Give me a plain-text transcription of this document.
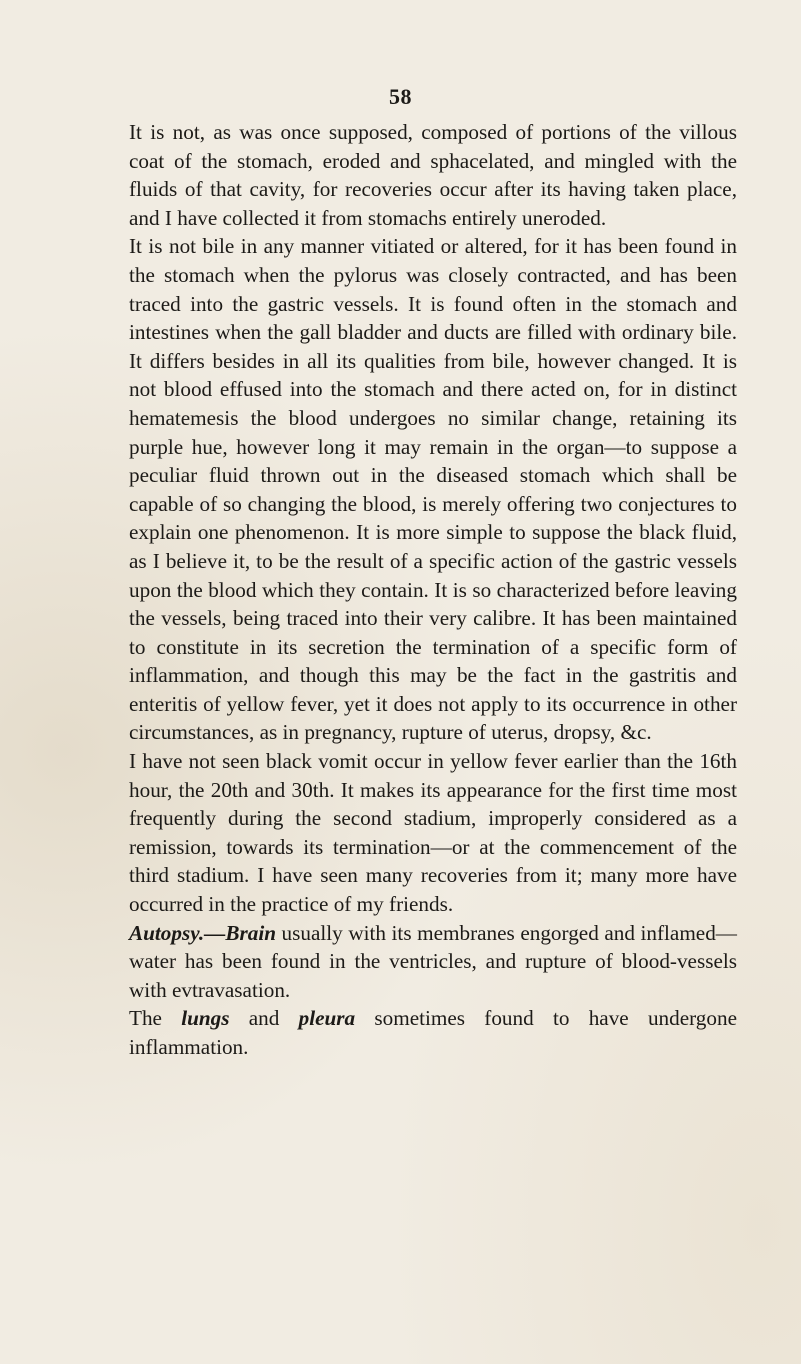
58

It is not, as was once supposed, composed of portions of the villous coat of the stomach, eroded and sphacelated, and mingled with the fluids of that cavity, for recoveries occur after its having taken place, and I have collected it from stomachs entirely uneroded.

It is not bile in any manner vitiated or altered, for it has been found in the stomach when the pylorus was closely contracted, and has been traced into the gastric vessels. It is found often in the stomach and intestines when the gall bladder and ducts are filled with ordinary bile. It differs besides in all its qualities from bile, however changed. It is not blood effused into the stomach and there acted on, for in distinct hematemesis the blood undergoes no similar change, retaining its purple hue, however long it may remain in the organ—to suppose a peculiar fluid thrown out in the diseased stomach which shall be capable of so changing the blood, is merely offering two conjectures to explain one phenomenon. It is more simple to suppose the black fluid, as I believe it, to be the result of a specific action of the gastric vessels upon the blood which they contain. It is so characterized before leaving the vessels, being traced into their very calibre. It has been maintained to constitute in its secretion the termination of a specific form of inflammation, and though this may be the fact in the gastritis and enteritis of yellow fever, yet it does not apply to its occurrence in other circumstances, as in pregnancy, rupture of uterus, dropsy, &c.

I have not seen black vomit occur in yellow fever earlier than the 16th hour, the 20th and 30th. It makes its appearance for the first time most frequently during the second stadium, improperly considered as a remission, towards its termination—or at the commencement of the third stadium. I have seen many recoveries from it; many more have occurred in the practice of my friends.

Autopsy.—Brain usually with its membranes engorged and inflamed—water has been found in the ventricles, and rupture of blood-vessels with evtravasation.

The lungs and pleura sometimes found to have undergone inflammation.
